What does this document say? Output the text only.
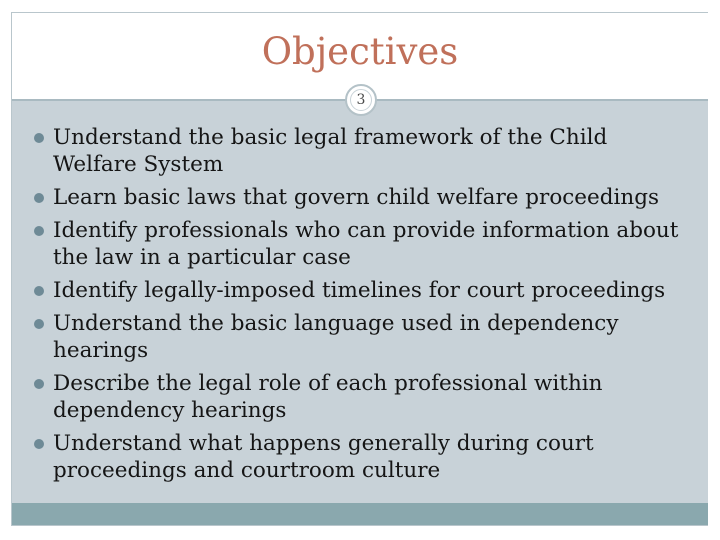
Objectives
3
Understand the basic legal framework of the Child Welfare System
Learn basic laws that govern child welfare proceedings
Identify professionals who can provide information about the law in a particular case
Identify legally-imposed timelines for court proceedings
Understand the basic language used in dependency hearings
Describe the legal role of each professional within dependency hearings
Understand what happens generally during court proceedings and courtroom culture
